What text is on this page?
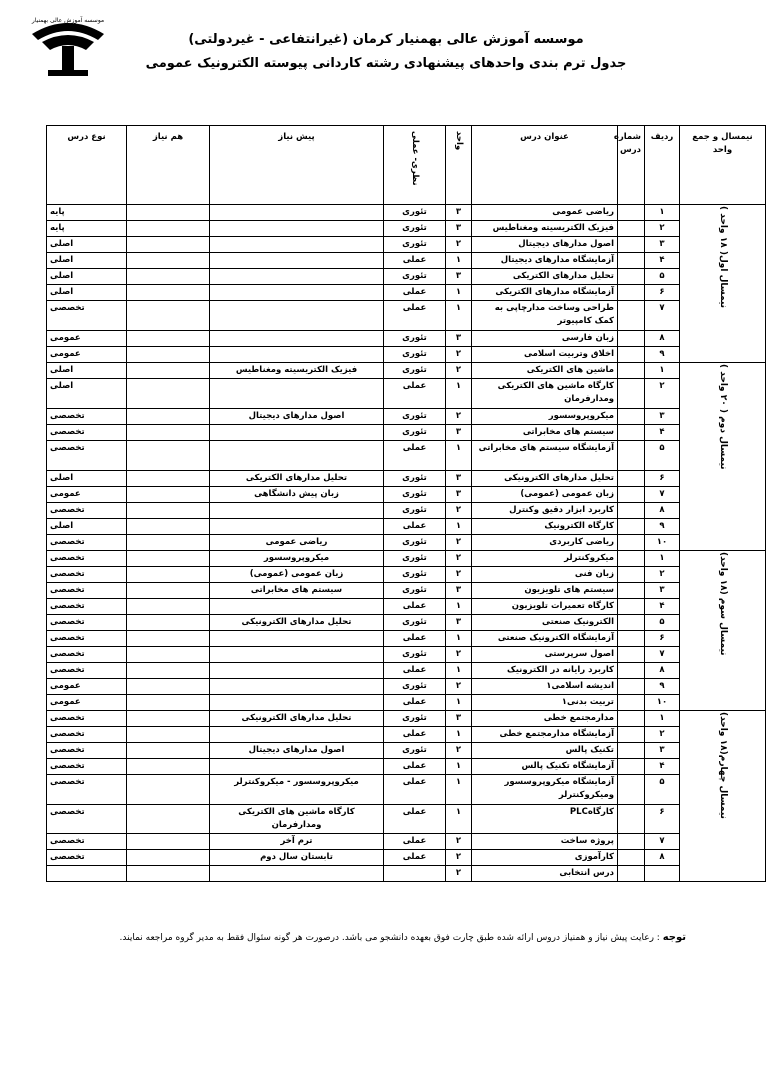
موسسه آموزش عالی بهمنیار
موسسه آموزش عالی بهمنیار کرمان (غیرانتفاعی - غیردولتی)
جدول ترم بندی واحدهای پیشنهادی رشته کاردانی پیوسته الکترونیک عمومی
نیمسال و جمع واحد	ردیف	شماره درس	عنوان درس	واحد	نظری- عملی	پیش نیاز	هم نیاز	نوع درس
نیمسال اول( ۱۸ واحد )	۱		ریاضی عمومی	۳	تئوری			پایه
	۲		فیزیک الکتریسیته ومغناطیس	۳	تئوری			پایه
	۳		اصول مدارهای دیجیتال	۲	تئوری			اصلی
	۴		آزمایشگاه مدارهای دیجیتال	۱	عملی			اصلی
	۵		تحلیل مدارهای الکتریکی	۳	تئوری			اصلی
	۶		آزمایشگاه مدارهای الکتریکی	۱	عملی			اصلی
	۷		طراحی وساخت مدارچاپی به کمک کامپیوتر	۱	عملی			تخصصی
	۸		زبان فارسی	۳	تئوری			عمومی
	۹		اخلاق وتربیت اسلامی	۲	تئوری			عمومی
نیمسال دوم ( ۲۰ واحد )	۱		ماشین های الکتریکی	۲	تئوری	فیزیک الکتریسیته ومغناطیس		اصلی
	۲		کارگاه ماشین های الکتریکی ومدارفرمان	۱	عملی			اصلی
	۳		میکروپروسسور	۲	تئوری	اصول مدارهای دیجیتال		تخصصی
	۴		سیستم های مخابراتی	۳	تئوری			تخصصی
	۵		آزمایشگاه سیستم های مخابراتی	۱	عملی			تخصصی
	۶		تحلیل مدارهای الکترونیکی	۳	تئوری	تحلیل مدارهای الکتریکی		اصلی
	۷		زبان عمومی (عمومی)	۳	تئوری	زبان پیش دانشگاهی		عمومی
	۸		کاربرد ابزار دقیق وکنترل	۲	تئوری			تخصصی
	۹		کارگاه الکترونیک	۱	عملی			اصلی
	۱۰		ریاضی کاربردی	۲	تئوری	ریاضی عمومی		تخصصی
نیمسال سوم (۱۸ واحد)	۱		میکروکنترلر	۲	تئوری	میکروپروسسور		تخصصی
	۲		زبان فنی	۲	تئوری	زبان عمومی (عمومی)		تخصصی
	۳		سیستم های تلویزیون	۳	تئوری	سیستم های مخابراتی		تخصصی
	۴		کارگاه تعمیرات تلویزیون	۱	عملی			تخصصی
	۵		الکترونیک صنعتی	۳	تئوری	تحلیل مدارهای الکترونیکی		تخصصی
	۶		آزمایشگاه الکترونیک صنعتی	۱	عملی			تخصصی
	۷		اصول سرپرستی	۲	تئوری			تخصصی
	۸		کاربرد رایانه در الکترونیک	۱	عملی			تخصصی
	۹		اندیشه اسلامی۱	۲	تئوری			عمومی
	۱۰		تربیت بدنی۱	۱	عملی			عمومی
نیمسال چهارم(۱۸ واحد)	۱		مدارمجتمع خطی	۳	تئوری	تحلیل مدارهای الکترونیکی		تخصصی
	۲		آزمایشگاه مدارمجتمع خطی	۱	عملی			تخصصی
	۳		تکنیک پالس	۲	تئوری	اصول مدارهای دیجیتال		تخصصی
	۴		آزمایشگاه تکنیک پالس	۱	عملی			تخصصی
	۵		آزمایشگاه میکروپروسسور ومیکروکنترلر	۱	عملی	میکروپروسسور - میکروکنترلر		تخصصی
	۶		کارگاهPLC	۱	عملی	کارگاه ماشین های الکتریکی ومدارفرمان		تخصصی
	۷		پروژه ساخت	۲	عملی	ترم آخر		تخصصی
	۸		کارآموزی	۲	عملی	تابستان سال دوم		تخصصی
			درس انتخابی	۲				
توجه : رعایت پیش نیاز و همنیاز دروس ارائه شده طبق چارت فوق بعهده دانشجو می باشد. درصورت هر گونه سئوال فقط به مدیر گروه مراجعه نمایند.
